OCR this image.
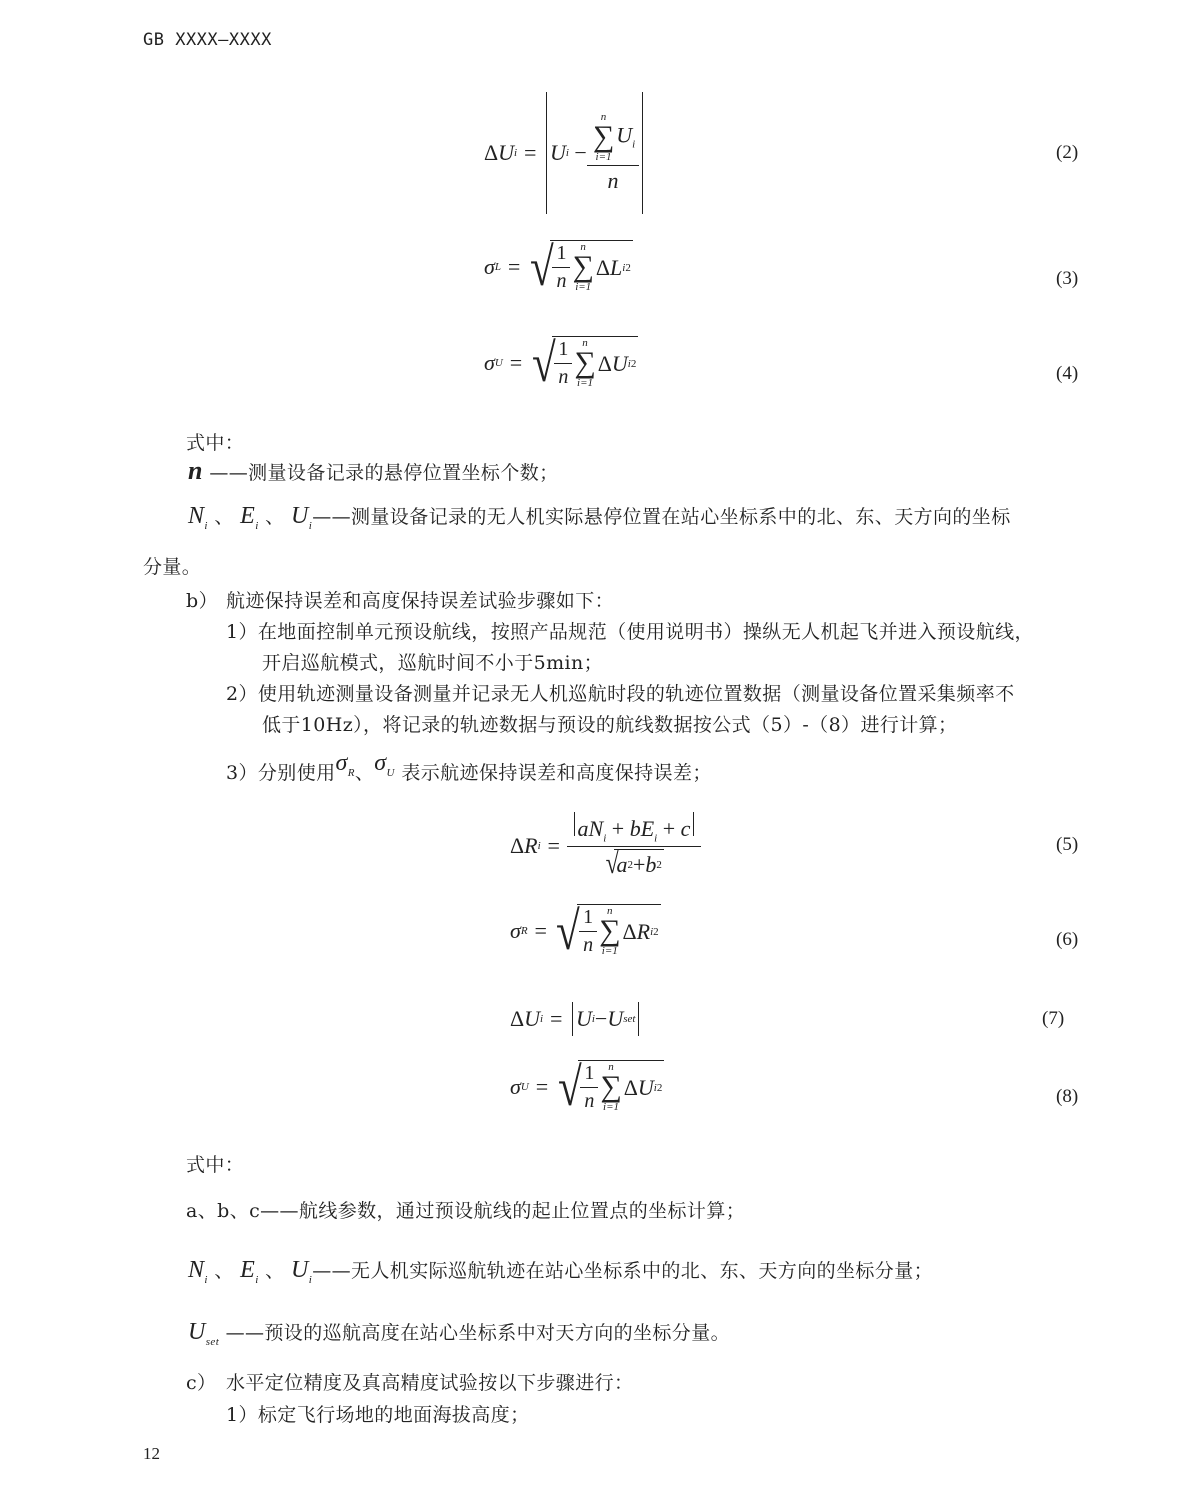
GB XXXX—XXXX
Δ U i =
U i
− n
∑
i=1
$U_i$
n	(2)
σ L = √
$\frac{1}{n}$ n
∑
i=1
Δ L i 2
(3)
σ U = √
$\frac{1}{n}$ n
∑
i=1
Δ U i 2	(4)
式中：
n ——测量设备记录的悬停位置坐标个数；
$N_i$ 、 $E_i$ 、 $U_i——$测量设备记录的无人机实际悬停位置在站心坐标系中的北、东、天方向的坐标
分量。
b） 航迹保持误差和高度保持误差试验步骤如下：
1）在地面控制单元预设航线，按照产品规范（使用说明书）操纵无人机起飞并进入预设航线，
开启巡航模式，巡航时间不小于5min；
2）使用轨迹测量设备测量并记录无人机巡航时段的轨迹位置数据（测量设备位置采集频率不
低于10Hz），将记录的轨迹数据与预设的航线数据按公式（5）-（8）进行计算；
3）分别使用 $\sigma_R$ 、 $\sigma_U$
表示航迹保持误差和高度保持误差；
Δ R $i = aN_i + bE_i + c$
√
a 2 + b 2	(5)
σ R = √
$\frac{1}{n}$ n
∑
i=1
Δ R i 2	(6)
Δ U i =
U i − U set	(7)
σ U = √
$\frac{1}{n}$ n
∑
i=1
Δ U i 2	(8)
式中：
a、b、c——航线参数，通过预设航线的起止位置点的坐标计算；
$N_i$ 、 $E_i$ 、 $U_i——$无人机实际巡航轨迹在站心坐标系中的北、东、天方向的坐标分量；
$U_{set}$ ——预设的巡航高度在站心坐标系中对天方向的坐标分量。
c） 水平定位精度及真高精度试验按以下步骤进行：
1）标定飞行场地的地面海拔高度；
12
